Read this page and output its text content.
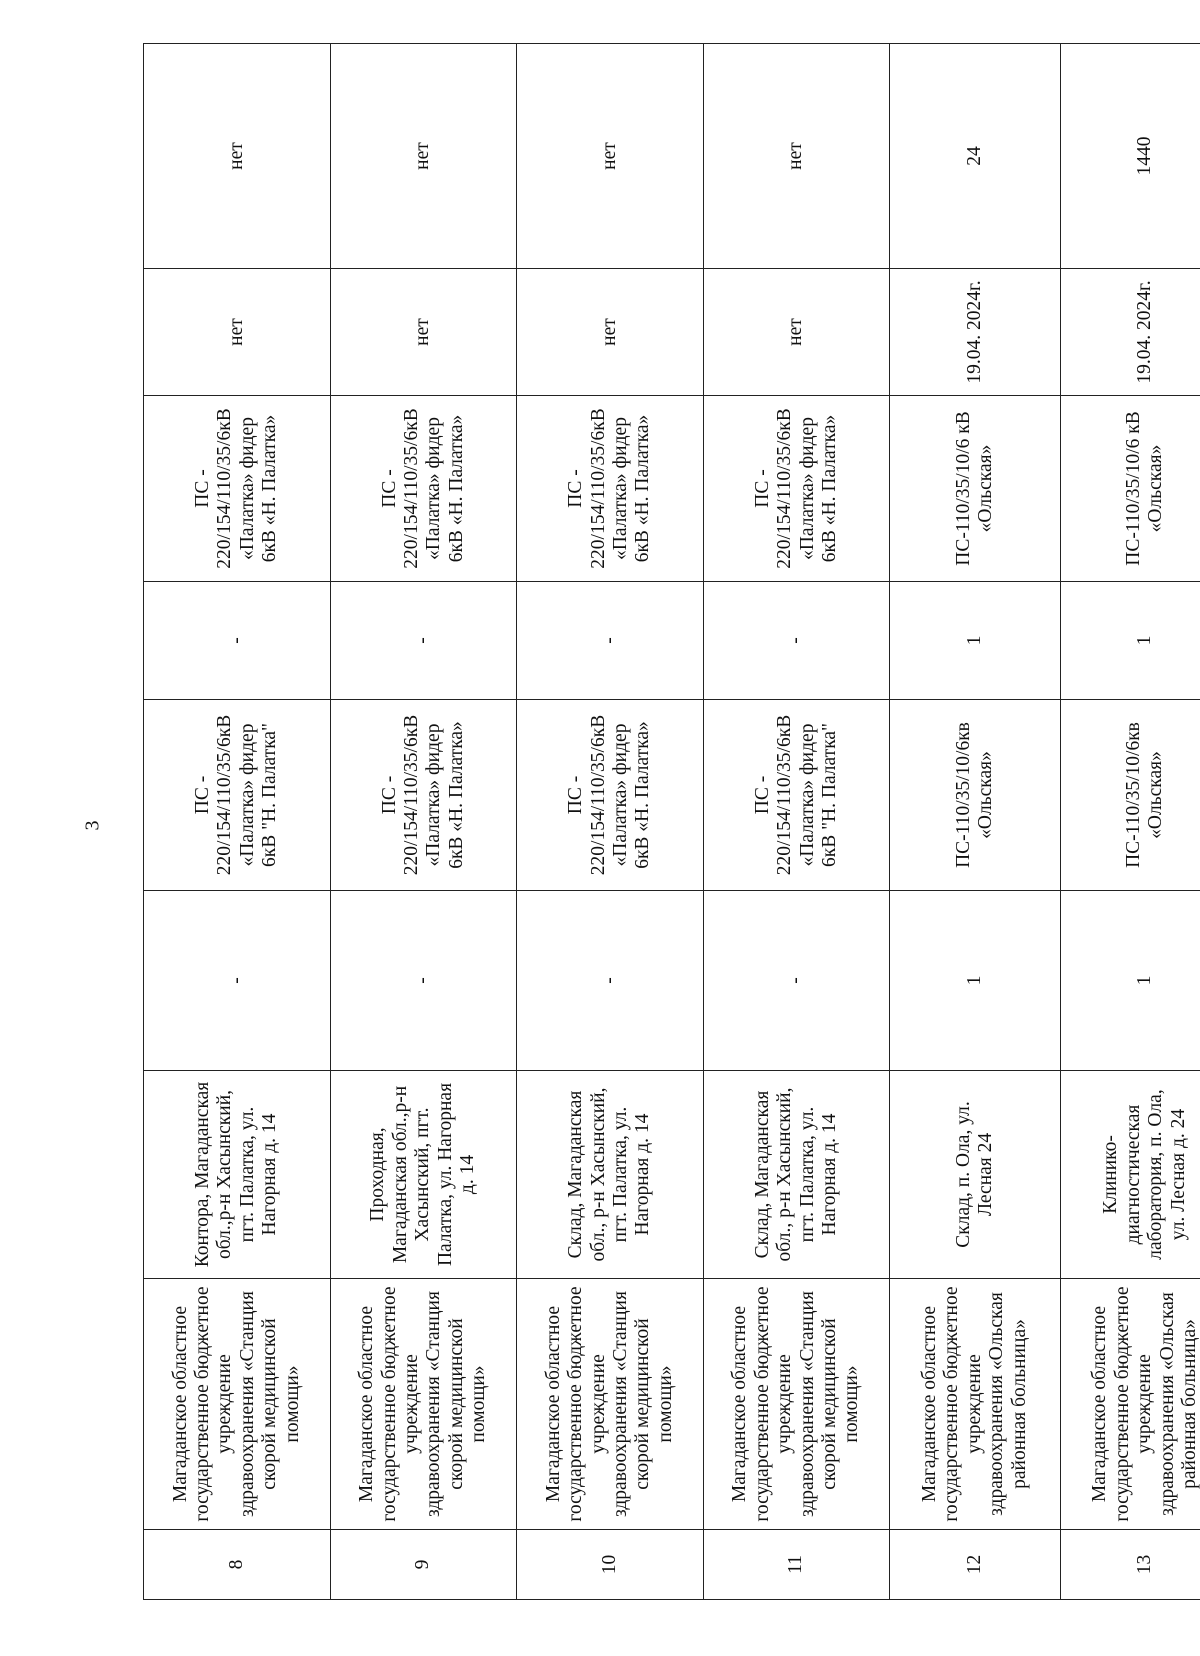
3
8	Магаданское областное государственное бюджетное учреждение здравоохранения «Станция скорой медицинской помощи»	Контора, Магаданская обл.,р-н Хасынский, пгт. Палатка, ул. Нагорная д. 14	-	ПС - 220/154/110/35/6кВ «Палатка» фидер 6кВ "Н. Палатка"	-	ПС - 220/154/110/35/6кВ «Палатка» фидер 6кВ «Н. Палатка»	нет	нет
9	Магаданское областное государственное бюджетное учреждение здравоохранения «Станция скорой медицинской помощи»	Проходная, Магаданская обл.,р-н Хасынский, пгт. Палатка, ул. Нагорная д. 14	-	ПС - 220/154/110/35/6кВ «Палатка» фидер 6кВ «Н. Палатка»	-	ПС - 220/154/110/35/6кВ «Палатка» фидер 6кВ «Н. Палатка»	нет	нет
10	Магаданское областное государственное бюджетное учреждение здравоохранения «Станция скорой медицинской помощи»	Склад, Магаданская обл., р-н Хасынский, пгт. Палатка, ул. Нагорная д. 14	-	ПС - 220/154/110/35/6кВ «Палатка» фидер 6кВ «Н. Палатка»	-	ПС - 220/154/110/35/6кВ «Палатка» фидер 6кВ «Н. Палатка»	нет	нет
11	Магаданское областное государственное бюджетное учреждение здравоохранения «Станция скорой медицинской помощи»	Склад, Магаданская обл., р-н Хасынский, пгт. Палатка, ул. Нагорная д. 14	-	ПС - 220/154/110/35/6кВ «Палатка» фидер 6кВ "Н. Палатка"	-	ПС - 220/154/110/35/6кВ «Палатка» фидер 6кВ «Н. Палатка»	нет	нет
12	Магаданское областное государственное бюджетное учреждение здравоохранения «Ольская районная больница»	Склад, п. Ола, ул. Лесная 24	1	ПС-110/35/10/6кв «Ольская»	1	ПС-110/35/10/6 кВ «Ольская»	19.04. 2024г.	24
13	Магаданское областное государственное бюджетное учреждение здравоохранения «Ольская районная больница»	Клинико-диагностическая лаборатория, п. Ола, ул. Лесная д. 24	1	ПС-110/35/10/6кв «Ольская»	1	ПС-110/35/10/6 кВ «Ольская»	19.04. 2024г.	1440
